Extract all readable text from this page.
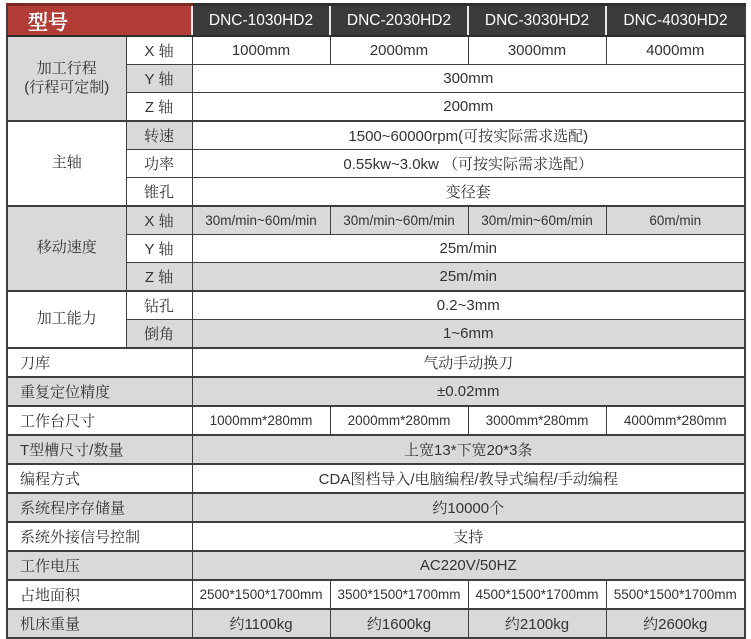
型号		DNC-1030HD2	DNC-2030HD2	DNC-3030HD2	DNC-4030HD2
加工行程
(行程可定制)	X 轴	1000mm	2000mm	3000mm	4000mm
	Y 轴	300mm			
	Z 轴	200mm			
主轴	转速	1500~60000rpm(可按实际需求选配)			
	功率	0.55kw~3.0kw （可按实际需求选配）			
	锥孔	变径套			
移动速度	X 轴	30m/min~60m/min	30m/min~60m/min	30m/min~60m/min	60m/min
	Y 轴	25m/min			
	Z 轴	25m/min			
加工能力	钻孔	0.2~3mm			
	倒角	1~6mm			
刀库		气动手动换刀			
重复定位精度		±0.02mm			
工作台尺寸		1000mm*280mm	2000mm*280mm	3000mm*280mm	4000mm*280mm
T型槽尺寸/数量		上宽13*下宽20*3条			
编程方式		CDA图档导入/电脑编程/教导式编程/手动编程			
系统程序存储量		约10000个			
系统外接信号控制		支持			
工作电压		AC220V/50HZ			
占地面积		2500*1500*1700mm	3500*1500*1700mm	4500*1500*1700mm	5500*1500*1700mm
机床重量		约1100kg	约1600kg	约2100kg	约2600kg
